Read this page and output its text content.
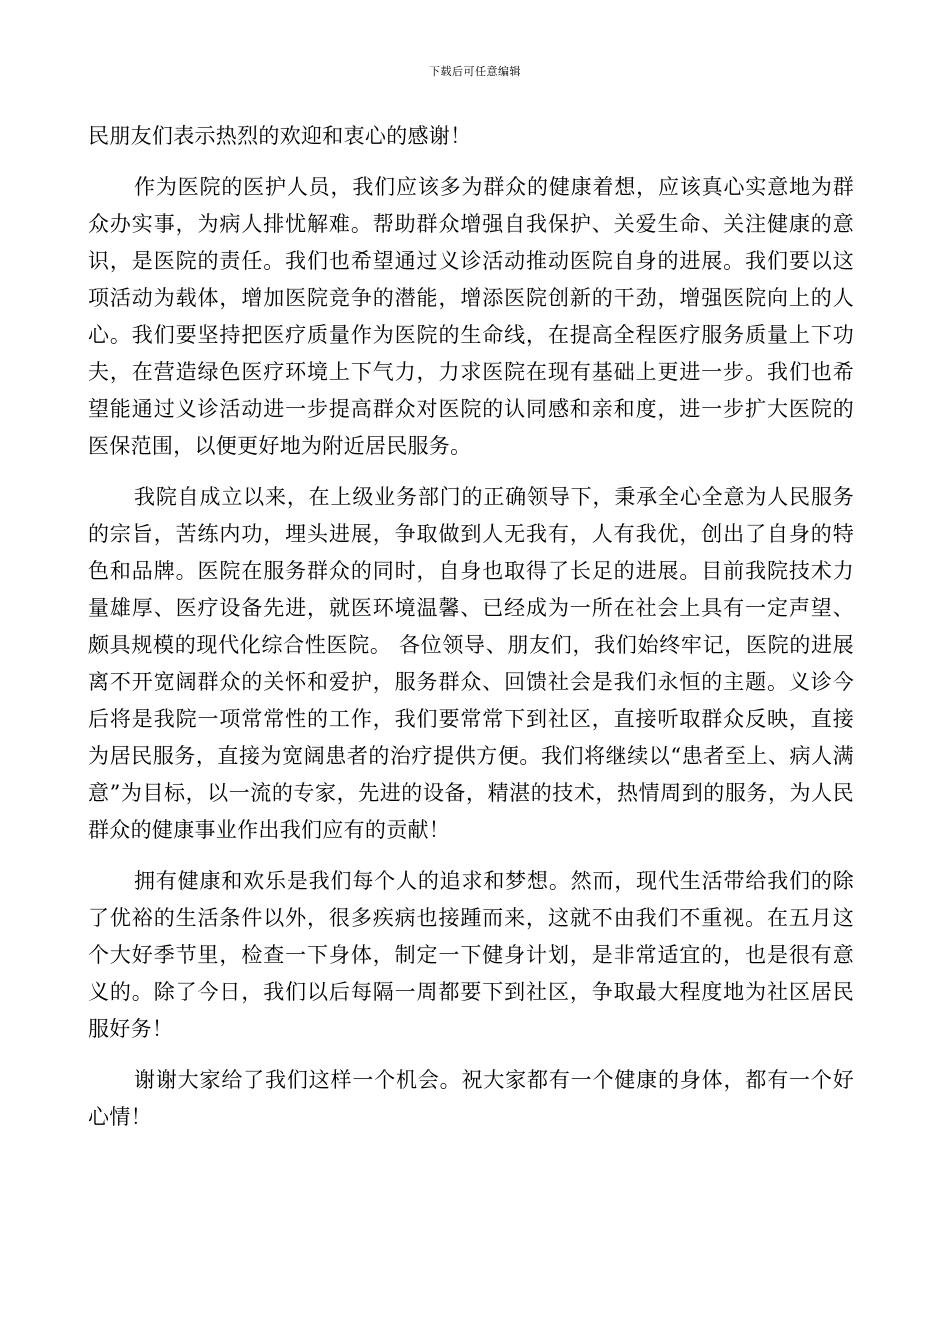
下载后可任意编辑

民朋友们表示热烈的欢迎和衷心的感谢！

作为医院的医护人员，我们应该多为群众的健康着想，应该真心实意地为群众办实事，为病人排忧解难。帮助群众增强自我保护、关爱生命、关注健康的意识，是医院的责任。我们也希望通过义诊活动推动医院自身的进展。我们要以这项活动为载体，增加医院竞争的潜能，增添医院创新的干劲，增强医院向上的人心。我们要坚持把医疗质量作为医院的生命线，在提高全程医疗服务质量上下功夫，在营造绿色医疗环境上下气力，力求医院在现有基础上更进一步。我们也希望能通过义诊活动进一步提高群众对医院的认同感和亲和度，进一步扩大医院的医保范围，以便更好地为附近居民服务。

我院自成立以来，在上级业务部门的正确领导下，秉承全心全意为人民服务的宗旨，苦练内功，埋头进展，争取做到人无我有，人有我优，创出了自身的特色和品牌。医院在服务群众的同时，自身也取得了长足的进展。目前我院技术力量雄厚、医疗设备先进，就医环境温馨、已经成为一所在社会上具有一定声望、颇具规模的现代化综合性医院。 各位领导、朋友们，我们始终牢记，医院的进展离不开宽阔群众的关怀和爱护，服务群众、回馈社会是我们永恒的主题。义诊今后将是我院一项常常性的工作，我们要常常下到社区，直接听取群众反映，直接为居民服务，直接为宽阔患者的治疗提供方便。我们将继续以“患者至上、病人满意”为目标，以一流的专家，先进的设备，精湛的技术，热情周到的服务，为人民群众的健康事业作出我们应有的贡献！

拥有健康和欢乐是我们每个人的追求和梦想。然而，现代生活带给我们的除了优裕的生活条件以外，很多疾病也接踵而来，这就不由我们不重视。在五月这个大好季节里，检查一下身体，制定一下健身计划，是非常适宜的，也是很有意义的。除了今日，我们以后每隔一周都要下到社区，争取最大程度地为社区居民服好务！

谢谢大家给了我们这样一个机会。祝大家都有一个健康的身体，都有一个好心情！
